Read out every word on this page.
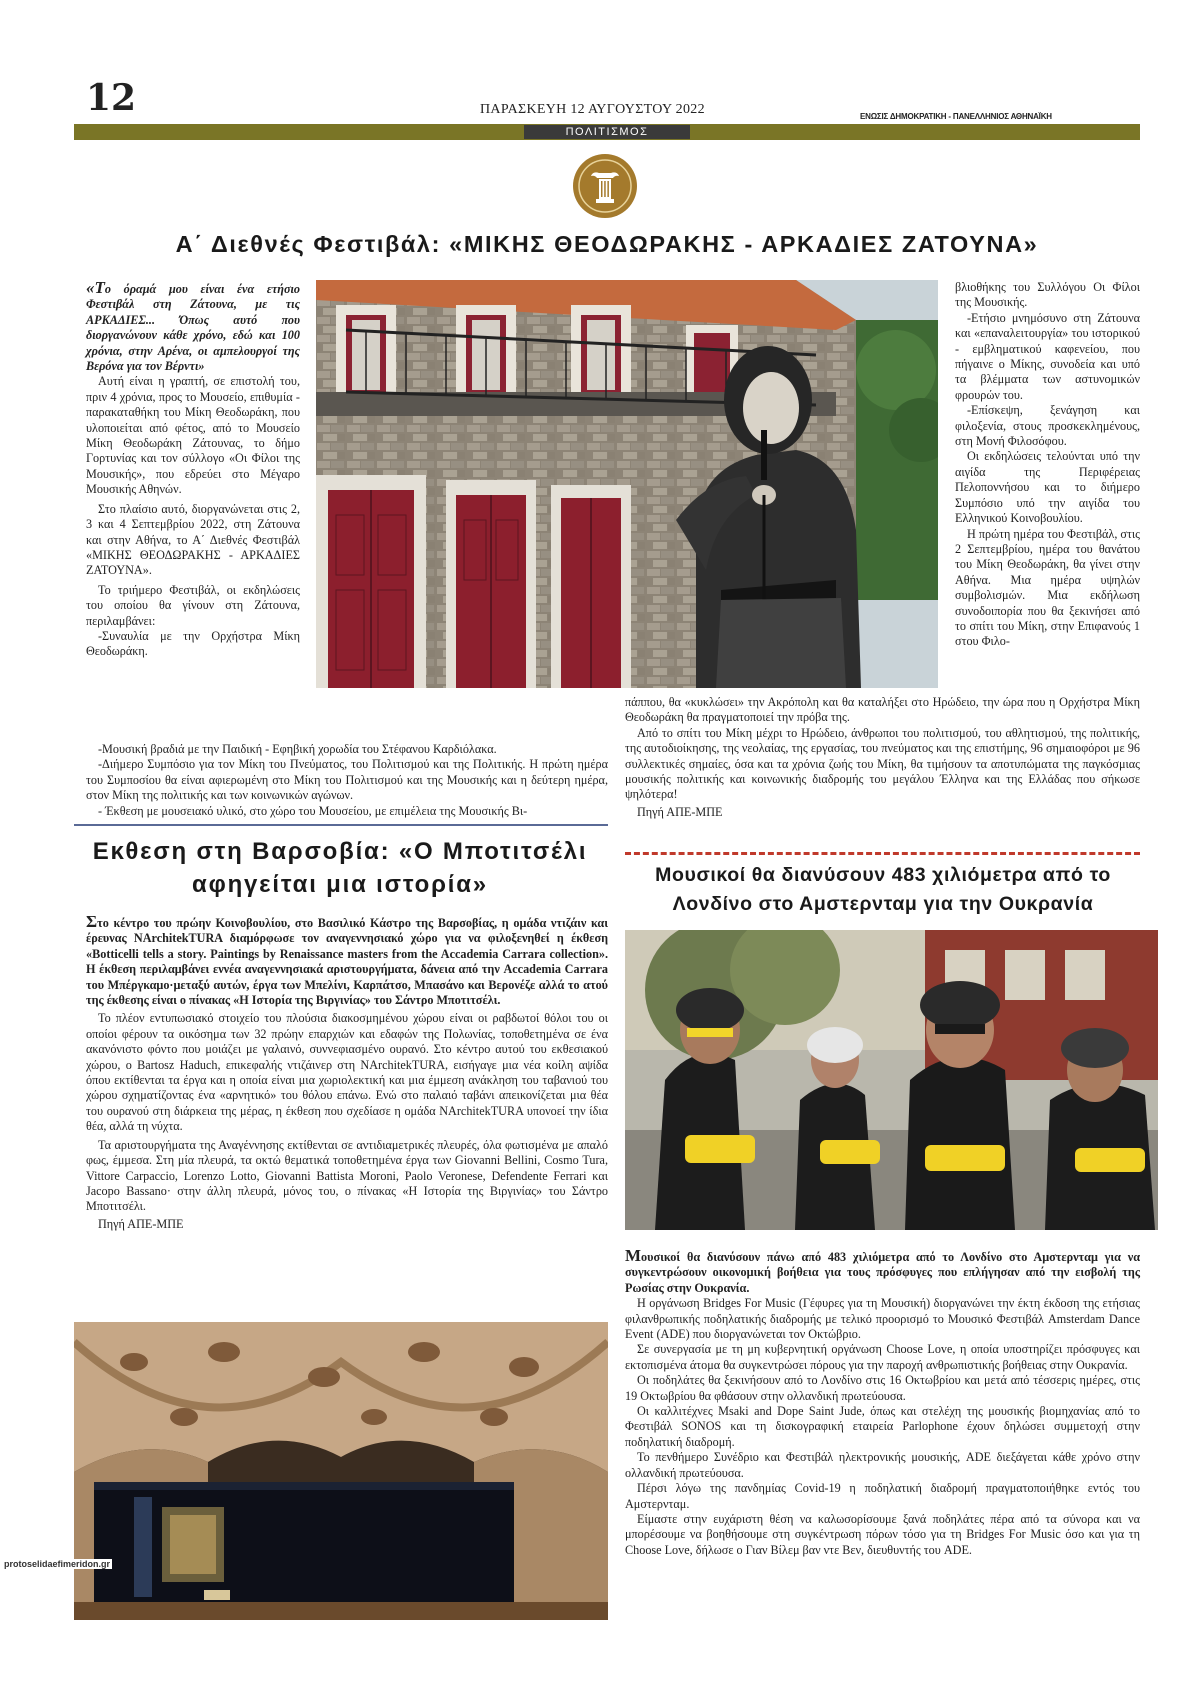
12	ΠΑΡΑΣΚΕΥΗ 12 ΑΥΓΟΥΣΤΟΥ 2022	ΕΝΩΣΙΣ ΔΗΜΟΚΡΑΤΙΚΗ - ΠΑΝΕΛΛΗΝΙΟΣ ΑΘΗΝΑΪΚΗ
ΠΟΛΙΤΙΣΜΟΣ
Α΄ Διεθνές Φεστιβάλ: «ΜΙΚΗΣ ΘΕΟΔΩΡΑΚΗΣ - ΑΡΚΑΔΙΕΣ ΖΑΤΟΥΝΑ»

«Το όραμά μου είναι ένα ετήσιο Φεστιβάλ στη Ζάτουνα, με τις ΑΡΚΑΔΙΕΣ... Όπως αυτό που διοργανώνουν κάθε χρόνο, εδώ και 100 χρόνια, στην Αρένα, οι αμπελουργοί της Βερόνα για τον Βέρντι»

Αυτή είναι η γραπτή, σε επιστολή του, πριν 4 χρόνια, προς το Μουσείο, επιθυμία - παρακαταθήκη του Μίκη Θεοδωράκη, που υλοποιείται από φέτος, από το Μουσείο Μίκη Θεοδωράκη Ζάτουνας, το δήμο Γορτυνίας και τον σύλλογο «Οι Φίλοι της Μουσικής», που εδρεύει στο Μέγαρο Μουσικής Αθηνών.

Στο πλαίσιο αυτό, διοργανώνεται στις 2, 3 και 4 Σεπτεμβρίου 2022, στη Ζάτουνα και στην Αθήνα, το Α΄ Διεθνές Φεστιβάλ «ΜΙΚΗΣ ΘΕΟΔΩΡΑΚΗΣ - ΑΡΚΑΔΙΕΣ ΖΑΤΟΥΝΑ».

Το τριήμερο Φεστιβάλ, οι εκδηλώσεις του οποίου θα γίνουν στη Ζάτουνα, περιλαμβάνει:

-Συναυλία με την Ορχήστρα Μίκη Θεοδωράκη.

βλιοθήκης του Συλλόγου Οι Φίλοι της Μουσικής.

-Ετήσιο μνημόσυνο στη Ζάτουνα και «επαναλειτουργία» του ιστορικού - εμβληματικού καφενείου, που πήγαινε ο Μίκης, συνοδεία και υπό τα βλέμματα των αστυνομικών φρουρών του.

-Επίσκεψη, ξενάγηση και φιλοξενία, στους προσκεκλημένους, στη Μονή Φιλοσόφου.

Οι εκδηλώσεις τελούνται υπό την αιγίδα της Περιφέρειας Πελοποννήσου και το διήμερο Συμπόσιο υπό την αιγίδα του Ελληνικού Κοινοβουλίου.

Η πρώτη ημέρα του Φεστιβάλ, στις 2 Σεπτεμβρίου, ημέρα του θανάτου του Μίκη Θεοδωράκη, θα γίνει στην Αθήνα. Μια ημέρα υψηλών συμβολισμών. Μια εκδήλωση συνοδοιπορία που θα ξεκινήσει από το σπίτι του Μίκη, στην Επιφανούς 1 στου Φιλο-

-Μουσική βραδιά με την Παιδική - Εφηβική χορωδία του Στέφανου Καρδιόλακα.

-Διήμερο Συμπόσιο για τον Μίκη του Πνεύματος, του Πολιτισμού και της Πολιτικής. Η πρώτη ημέρα του Συμποσίου θα είναι αφιερωμένη στο Μίκη του Πολιτισμού και της Μουσικής και η δεύτερη ημέρα, στον Μίκη της πολιτικής και των κοινωνικών αγώνων.

- Έκθεση με μουσειακό υλικό, στο χώρο του Μουσείου, με επιμέλεια της Μουσικής Βι-

πάππου, θα «κυκλώσει» την Ακρόπολη και θα καταλήξει στο Ηρώδειο, την ώρα που η Ορχήστρα Μίκη Θεοδωράκη θα πραγματοποιεί την πρόβα της.

Από το σπίτι του Μίκη μέχρι το Ηρώδειο, άνθρωποι του πολιτισμού, του αθλητισμού, της πολιτικής, της αυτοδιοίκησης, της νεολαίας, της εργασίας, του πνεύματος και της επιστήμης, 96 σημαιοφόροι με 96 συλλεκτικές σημαίες, όσα και τα χρόνια ζωής του Μίκη, θα τιμήσουν τα αποτυπώματα της παγκόσμιας μουσικής πολιτικής και κοινωνικής διαδρομής του μεγάλου Έλληνα και της Ελλάδας που σήκωσε ψηλότερα!

Πηγή ΑΠΕ-ΜΠΕ

Εκθεση στη Βαρσοβία: «Ο Μποτιτσέλι αφηγείται μια ιστορία»

Στο κέντρο του πρώην Κοινοβουλίου, στο Βασιλικό Κάστρο της Βαρσοβίας, η ομάδα ντιζάιν και έρευνας NArchitekTURA διαμόρφωσε τον αναγεννησιακό χώρο για να φιλοξενηθεί η έκθεση «Botticelli tells a story. Paintings by Renaissance masters from the Accademia Carrara collection». Η έκθεση περιλαμβάνει εννέα αναγεννησιακά αριστουργήματα, δάνεια από την Accademia Carrara του Μπέργκαμο·μεταξύ αυτών, έργα των Μπελίνι, Καρπάτσο, Μπασάνο και Βερονέζε αλλά το ατού της έκθεσης είναι ο πίνακας «Η Ιστορία της Βιργινίας» του Σάντρο Μποτιτσέλι.

Το πλέον εντυπωσιακό στοιχείο του πλούσια διακοσμημένου χώρου είναι οι ραβδωτοί θόλοι του οι οποίοι φέρουν τα οικόσημα των 32 πρώην επαρχιών και εδαφών της Πολωνίας, τοποθετημένα σε ένα ακανόνιστο φόντο που μοιάζει με γαλαινό, συννεφιασμένο ουρανό. Στο κέντρο αυτού του εκθεσιακού χώρου, ο Bartosz Haduch, επικεφαλής ντιζάινερ στη NArchitekTURA, εισήγαγε μια νέα κοίλη αψίδα όπου εκτίθενται τα έργα και η οποία είναι μια χωριολεκτική και μια έμμεση ανάκληση του ταβανιού του χώρου σχηματίζοντας ένα «αρνητικό» του θόλου επάνω. Ενώ στο παλαιό ταβάνι απεικονίζεται μια θέα του ουρανού στη διάρκεια της μέρας, η έκθεση που σχεδίασε η ομάδα NArchitekTURA υπονοεί την ίδια θέα, αλλά τη νύχτα.

Τα αριστουργήματα της Αναγέννησης εκτίθενται σε αντιδιαμετρικές πλευρές, όλα φωτισμένα με απαλό φως, έμμεσα. Στη μία πλευρά, τα οκτώ θεματικά τοποθετημένα έργα των Giovanni Bellini, Cosmo Tura, Vittore Carpaccio, Lorenzo Lotto, Giovanni Battista Moroni, Paolo Veronese, Defendente Ferrari και Jacopo Bassano· στην άλλη πλευρά, μόνος του, ο πίνακας «Η Ιστορία της Βιργινίας» του Σάντρο Μποτιτσέλι.

Πηγή ΑΠΕ-ΜΠΕ

Μουσικοί θα διανύσουν 483 χιλιόμετρα από το Λονδίνο στο Αμστερνταμ για την Ουκρανία

Μουσικοί θα διανύσουν πάνω από 483 χιλιόμετρα από το Λονδίνο στο Αμστερνταμ για να συγκεντρώσουν οικονομική βοήθεια για τους πρόσφυγες που επλήγησαν από την εισβολή της Ρωσίας στην Ουκρανία.

Η οργάνωση Bridges For Music (Γέφυρες για τη Μουσική) διοργανώνει την έκτη έκδοση της ετήσιας φιλανθρωπικής ποδηλατικής διαδρομής με τελικό προορισμό το Μουσικό Φεστιβάλ Amsterdam Dance Event (ADE) που διοργανώνεται τον Οκτώβριο.

Σε συνεργασία με τη μη κυβερνητική οργάνωση Choose Love, η οποία υποστηρίζει πρόσφυγες και εκτοπισμένα άτομα θα συγκεντρώσει πόρους για την παροχή ανθρωπιστικής βοήθειας στην Ουκρανία.

Οι ποδηλάτες θα ξεκινήσουν από το Λονδίνο στις 16 Οκτωβρίου και μετά από τέσσερις ημέρες, στις 19 Οκτωβρίου θα φθάσουν στην ολλανδική πρωτεύουσα.

Οι καλλιτέχνες Msaki and Dope Saint Jude, όπως και στελέχη της μουσικής βιομηχανίας από το Φεστιβάλ SONOS και τη δισκογραφική εταιρεία Parlophone έχουν δηλώσει συμμετοχή στην ποδηλατική διαδρομή.

Το πενθήμερο Συνέδριο και Φεστιβάλ ηλεκτρονικής μουσικής, ADE διεξάγεται κάθε χρόνο στην ολλανδική πρωτεύουσα.

Πέρσι λόγω της πανδημίας Covid-19 η ποδηλατική διαδρομή πραγματοποιήθηκε εντός του Αμστερνταμ.

Είμαστε στην ευχάριστη θέση να καλωσορίσουμε ξανά ποδηλάτες πέρα από τα σύνορα και να μπορέσουμε να βοηθήσουμε στη συγκέντρωση πόρων τόσο για τη Bridges For Music όσο και για τη Choose Love, δήλωσε ο Γιαν Βίλεμ βαν ντε Βεν, διευθυντής του ADE.

protoselidaefimeridon.gr
